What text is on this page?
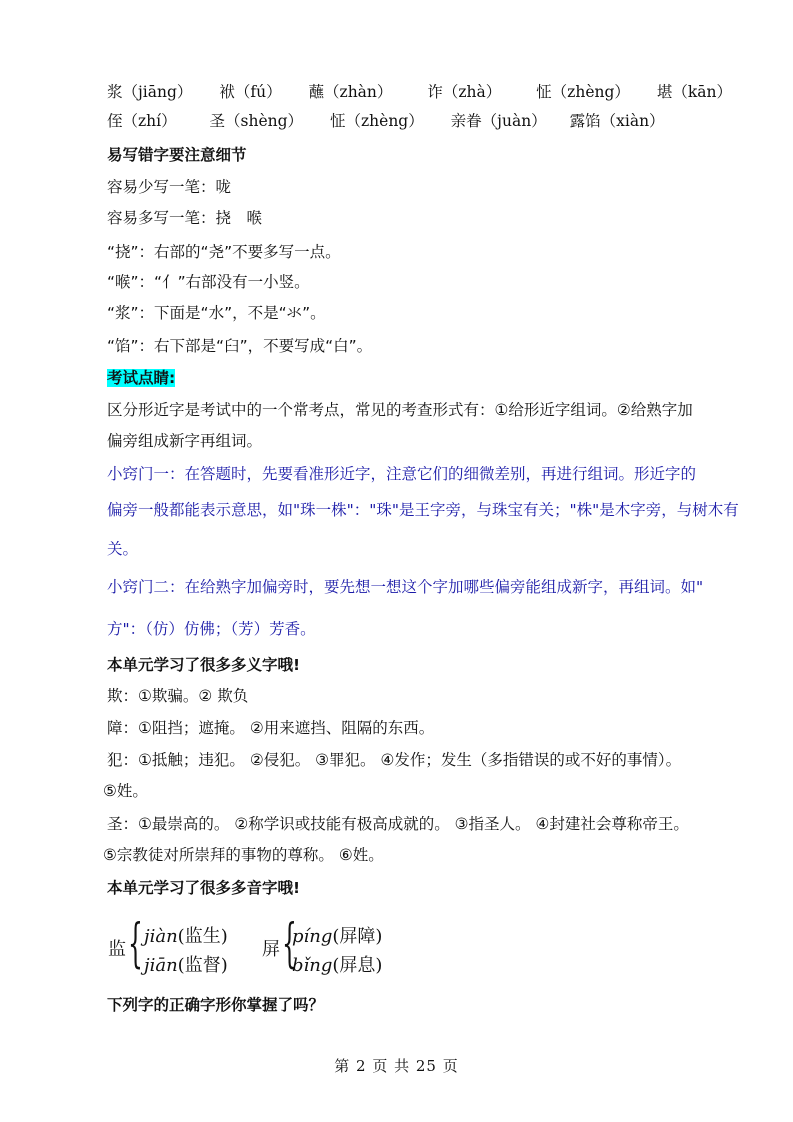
浆（jiāng） 袱（fú） 蘸（zhàn） 诈（zhà） 怔（zhèng） 堪（kān）
侄（zhí） 圣（shèng） 怔（zhèng） 亲眷（juàn） 露馅（xiàn）
易写错字要注意细节
容易少写一笔：咙
容易多写一笔：挠　喉
“挠”：右部的“尧”不要多写一点。
“喉”：“亻”右部没有一小竖。
“浆”：下面是“水”，不是“氺”。
“馅”：右下部是“臼”，不要写成“白”。
考试点睛:
区分形近字是考试中的一个常考点，常见的考查形式有：①给形近字组词。②给熟字加
偏旁组成新字再组词。
小窍门一：在答题时，先要看准形近字，注意它们的细微差别，再进行组词。形近字的
偏旁一般都能表示意思，如"珠一株"："珠"是王字旁，与珠宝有关；"株"是木字旁，与树木有
关。
小窍门二：在给熟字加偏旁时，要先想一想这个字加哪些偏旁能组成新字，再组词。如"
方"：（仿）仿佛；（芳）芳香。
本单元学习了很多多义字哦!
欺：①欺骗。② 欺负
障：①阻挡；遮掩。 ②用来遮挡、阻隔的东西。
犯：①抵触；违犯。 ②侵犯。 ③罪犯。 ④发作；发生（多指错误的或不好的事情）。
⑤姓。
圣：①最崇高的。 ②称学识或技能有极高成就的。 ③指圣人。 ④封建社会尊称帝王。
⑤宗教徒对所崇拜的事物的尊称。 ⑥姓。
本单元学习了很多多音字哦!
监 { jiàn(监生)
jiān(监督)
屏 {
píng(屏障)
bǐng(屏息)
下列字的正确字形你掌握了吗？
第 2 页 共 25 页
